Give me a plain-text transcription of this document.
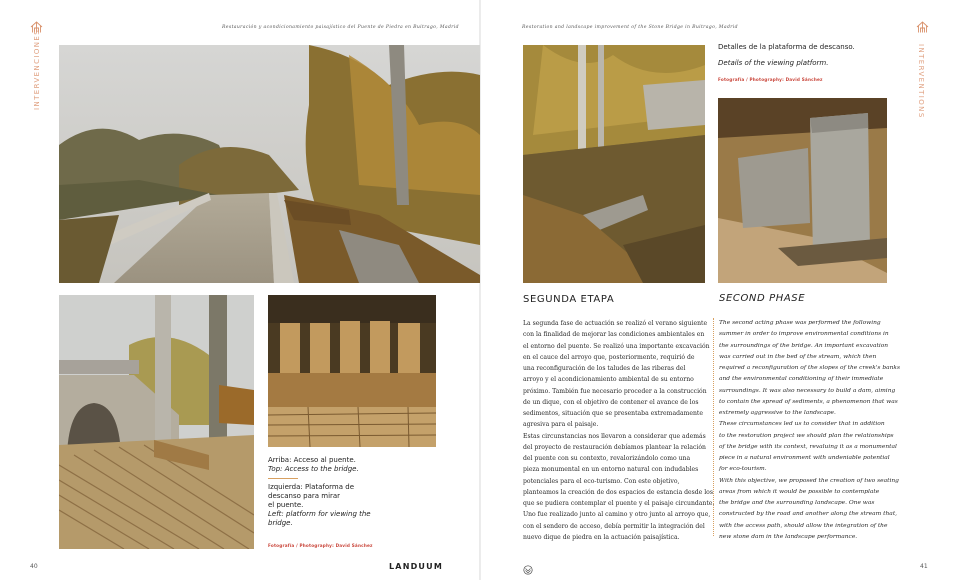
INTERVENCIONES
Restauración y acondicionamiento paisajístico del Puente de Piedra en Buitrago, Madrid
Arriba: Acceso al puente.
Top: Access to the bridge.
Izquierda: Plataforma de
descanso para mirar
el puente.
Left: platform for viewing the
bridge.
Fotografía / Photography: David Sánchez
40	LANDUUM
Restoration and landscape improvement of the Stone Bridge in Buitrago, Madrid
INTERVENTIONS
Detalles de la plataforma de descanso.
Details of the viewing platform.
Fotografía / Photography: David Sánchez
SEGUNDA ETAPA	SECOND PHASE
La segunda fase de actuación se realizó el verano siguiente
con la finalidad de mejorar las condiciones ambientales en
el entorno del puente. Se realizó una importante excavación
en el cauce del arroyo que, posteriormente, requirió de
una reconfiguración de los taludes de las riberas del
arroyo y el acondicionamiento ambiental de su entorno
próximo. También fue necesario proceder a la construcción
de un dique, con el objetivo de contener el avance de los
sedimentos, situación que se presentaba extremadamente
agresiva para el paisaje.
Estas circunstancias nos llevaron a considerar que además
del proyecto de restauración debíamos plantear la relación
del puente con su contexto, revalorizándolo como una
pieza monumental en un entorno natural con indudables
potenciales para el eco-turismo. Con este objetivo,
planteamos la creación de dos espacios de estancia desde los
que se pudiera contemplar el puente y el paisaje circundante.
Uno fue realizado junto al camino y otro junto al arroyo que,
con el sendero de acceso, debía permitir la integración del
nuevo dique de piedra en la actuación paisajística.
The second acting phase was performed the following
summer in order to improve environmental conditions in
the surroundings of the bridge. An important excavation
was carried out in the bed of the stream, which then
required a reconfiguration of the slopes of the creek's banks
and the environmental conditioning of their immediate
surroundings. It was also necessary to build a dam, aiming
to contain the spread of sediments, a phenomenon that was
extremely aggressive to the landscape.
These circumstances led us to consider that in addition
to the restoration project we should plan the relationships
of the bridge with its context, revaluing it as a monumental
piece in a natural environment with undeniable potential
for eco-tourism.
With this objective, we proposed the creation of two seating
areas from which it would be possible to contemplate
the bridge and the surrounding landscape. One was
constructed by the road and another along the stream that,
with the access path, should allow the integration of the
new stone dam in the landscape performance.
41
